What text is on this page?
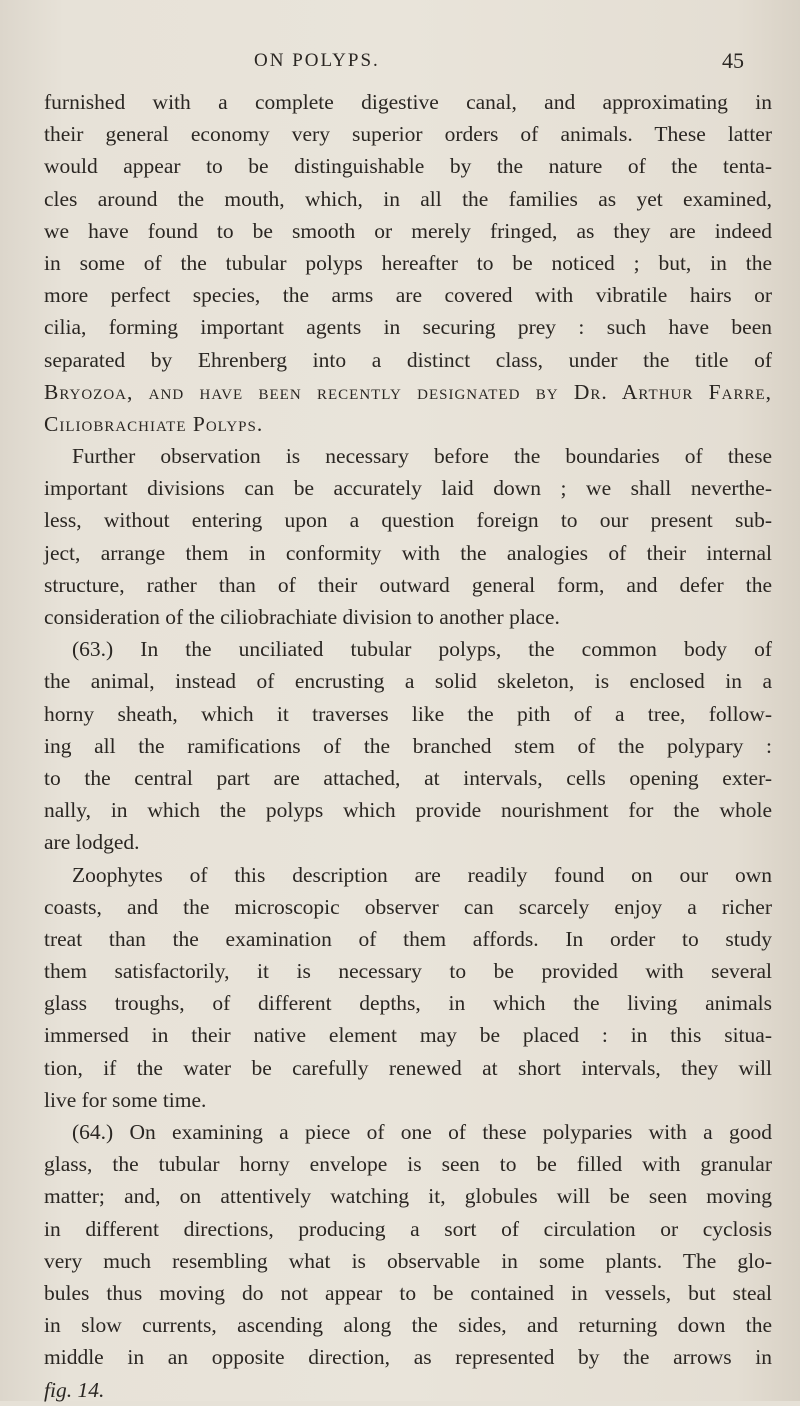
ON POLYPS.	45
furnished with a complete digestive canal, and approximating in
their general economy very superior orders of animals. These latter
would appear to be distinguishable by the nature of the tenta-
cles around the mouth, which, in all the families as yet examined,
we have found to be smooth or merely fringed, as they are indeed
in some of the tubular polyps hereafter to be noticed ; but, in the
more perfect species, the arms are covered with vibratile hairs or
cilia, forming important agents in securing prey : such have been
separated by Ehrenberg into a distinct class, under the title of
Bryozoa, and have been recently designated by Dr. Arthur Farre,
Ciliobrachiate Polyps.
Further observation is necessary before the boundaries of these
important divisions can be accurately laid down ; we shall neverthe-
less, without entering upon a question foreign to our present sub-
ject, arrange them in conformity with the analogies of their internal
structure, rather than of their outward general form, and defer the
consideration of the ciliobrachiate division to another place.
(63.) In the unciliated tubular polyps, the common body of
the animal, instead of encrusting a solid skeleton, is enclosed in a
horny sheath, which it traverses like the pith of a tree, follow-
ing all the ramifications of the branched stem of the polypary :
to the central part are attached, at intervals, cells opening exter-
nally, in which the polyps which provide nourishment for the whole
are lodged.
Zoophytes of this description are readily found on our own
coasts, and the microscopic observer can scarcely enjoy a richer
treat than the examination of them affords. In order to study
them satisfactorily, it is necessary to be provided with several
glass troughs, of different depths, in which the living animals
immersed in their native element may be placed : in this situa-
tion, if the water be carefully renewed at short intervals, they will
live for some time.
(64.) On examining a piece of one of these polyparies with a good
glass, the tubular horny envelope is seen to be filled with granular
matter; and, on attentively watching it, globules will be seen moving
in different directions, producing a sort of circulation or cyclosis
very much resembling what is observable in some plants. The glo-
bules thus moving do not appear to be contained in vessels, but steal
in slow currents, ascending along the sides, and returning down the
middle in an opposite direction, as represented by the arrows in
fig. 14.
